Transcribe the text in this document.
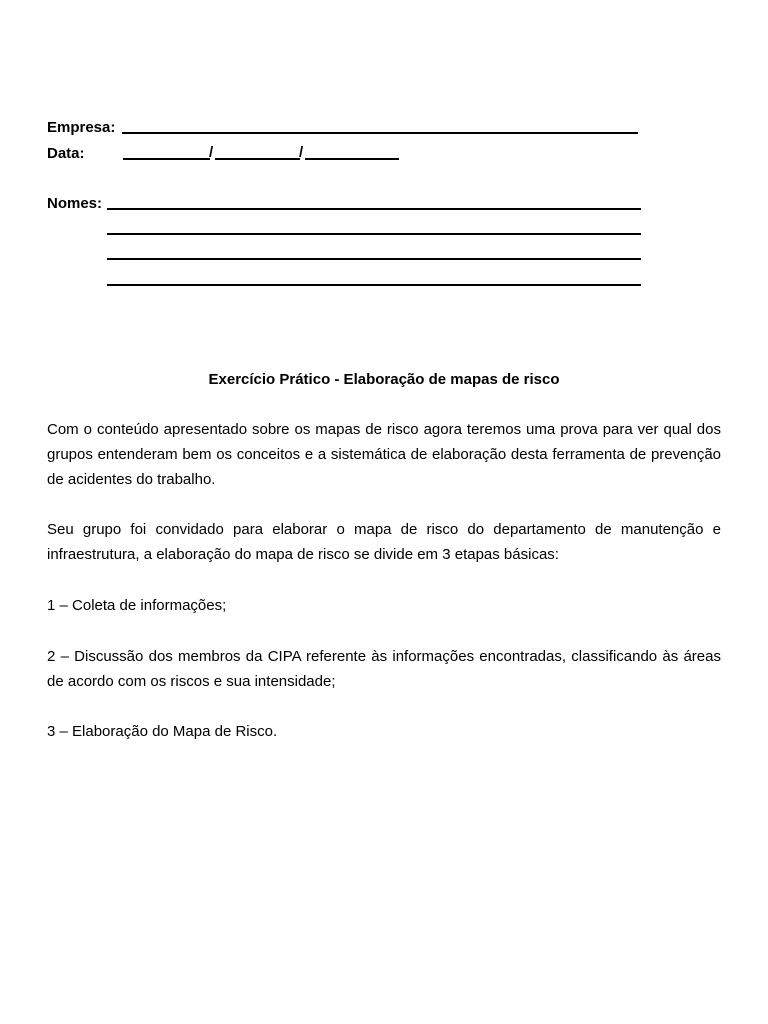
Empresa:
Data:	/	/
Nomes:
Exercício Prático - Elaboração de mapas de risco

Com o conteúdo apresentado sobre os mapas de risco agora teremos uma prova para ver qual dos grupos entenderam bem os conceitos e a sistemática de elaboração desta ferramenta de prevenção de acidentes do trabalho.

Seu grupo foi convidado para elaborar o mapa de risco do departamento de manutenção e infraestrutura, a elaboração do mapa de risco se divide em 3 etapas básicas:

1 – Coleta de informações;

2 – Discussão dos membros da CIPA referente às informações encontradas, classificando às áreas de acordo com os riscos e sua intensidade;

3 – Elaboração do Mapa de Risco.
